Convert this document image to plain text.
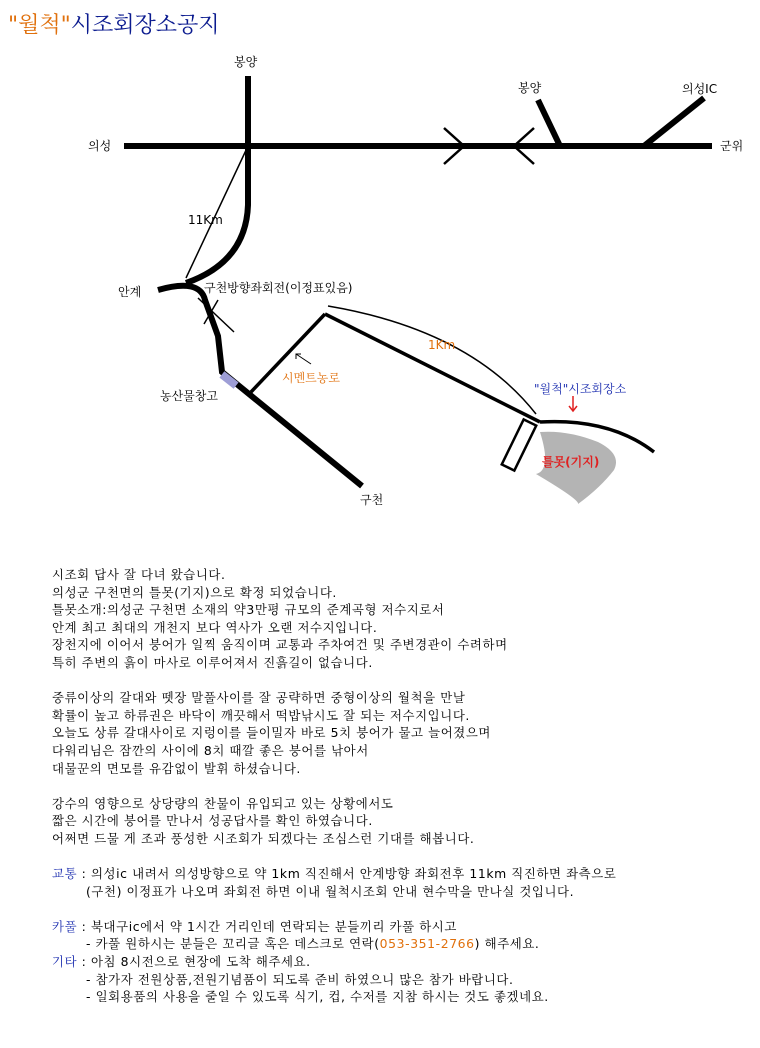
"월척"시조회장소공지
봉양
의성
봉양	의성IC
군위
11Km
안계	구천방향좌회전(이정표있음)
1Km
시멘트농로
농산물창고	"월척"시조회장소
틀못(기지)
구천

시조회 답사 잘 다녀 왔습니다.

의성군 구천면의 틀못(기지)으로 확정 되었습니다.

틀못소개:의성군 구천면 소재의 약3만평 규모의 준계곡형 저수지로서

안계 최고 최대의 개천지 보다 역사가 오랜 저수지입니다.

장천지에 이어서 붕어가 일찍 움직이며 교통과 주차여건 및 주변경관이 수려하며

특히 주변의 흙이 마사로 이루어져서 진흙길이 없습니다.

중류이상의 갈대와 뗏장 말풀사이를 잘 공략하면 중형이상의 월척을 만날

확률이 높고 하류권은 바닥이 깨끗해서 떡밥낚시도 잘 되는 저수지입니다.

오늘도 상류 갈대사이로 지렁이를 들이밀자 바로 5치 붕어가 물고 늘어졌으며

다워리님은 잠깐의 사이에 8치 때깔 좋은 붕어를 낚아서

대물꾼의 면모를 유감없이 발휘 하셨습니다.

강수의 영향으로 상당량의 찬물이 유입되고 있는 상황에서도

짧은 시간에 붕어를 만나서 성공답사를 확인 하였습니다.

어쩌면 드물 게 조과 풍성한 시조회가 되겠다는 조심스런 기대를 해봅니다.

교통 : 의성ic 내려서 의성방향으로 약 1km 직진해서 안계방향 좌회전후 11km 직진하면 좌측으로

(구천) 이정표가 나오며 좌회전 하면 이내 월척시조회 안내 현수막을 만나실 것입니다.

카풀 : 북대구ic에서 약 1시간 거리인데 연락되는 분들끼리 카풀 하시고

- 카풀 원하시는 분들은 꼬리글 혹은 데스크로 연락(053-351-2766) 해주세요.

기타 : 아침 8시전으로 현장에 도착 해주세요.

- 참가자 전원상품,전원기념품이 되도록 준비 하였으니 많은 참가 바랍니다.

- 일회용품의 사용을 줄일 수 있도록 식기, 컵, 수저를 지참 하시는 것도 좋겠네요.
